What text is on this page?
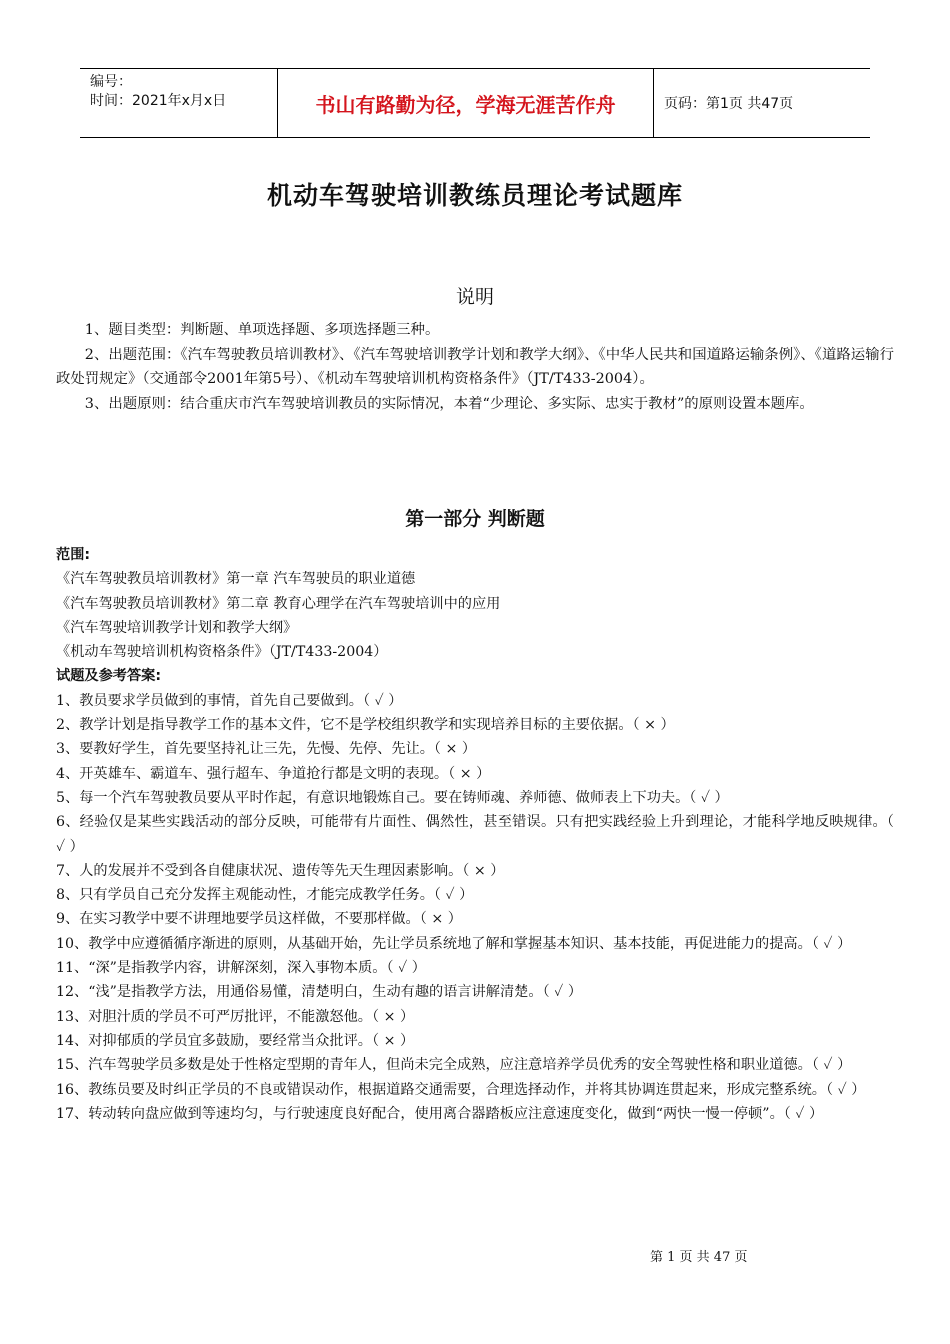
编号：
时间：2021年x月x日	书山有路勤为径，学海无涯苦作舟	页码：第1页 共47页
机动车驾驶培训教练员理论考试题库
说明

1、题目类型：判断题、单项选择题、多项选择题三种。

2、出题范围：《汽车驾驶教员培训教材》、《汽车驾驶培训教学计划和教学大纲》、《中华人民共和国道路运输条例》、《道路运输行政处罚规定》（交通部令2001年第5号）、《机动车驾驶培训机构资格条件》（JT/T433-2004）。

3、出题原则：结合重庆市汽车驾驶培训教员的实际情况，本着“少理论、多实际、忠实于教材”的原则设置本题库。

第一部分 判断题

范围:

《汽车驾驶教员培训教材》第一章 汽车驾驶员的职业道德

《汽车驾驶教员培训教材》第二章 教育心理学在汽车驾驶培训中的应用

《汽车驾驶培训教学计划和教学大纲》

《机动车驾驶培训机构资格条件》（JT/T433-2004）

试题及参考答案:

1、教员要求学员做到的事情，首先自己要做到。（ ✓ ）

2、教学计划是指导教学工作的基本文件，它不是学校组织教学和实现培养目标的主要依据。（ × ）

3、要教好学生，首先要坚持礼让三先，先慢、先停、先让。（ × ）

4、开英雄车、霸道车、强行超车、争道抢行都是文明的表现。（ × ）

5、每一个汽车驾驶教员要从平时作起，有意识地锻炼自己。要在铸师魂、养师德、做师表上下功夫。（ ✓ ）

6、经验仅是某些实践活动的部分反映，可能带有片面性、偶然性，甚至错误。只有把实践经验上升到理论，才能科学地反映规律。（ ✓ ）

7、人的发展并不受到各自健康状况、遗传等先天生理因素影响。（ × ）

8、只有学员自己充分发挥主观能动性，才能完成教学任务。（ ✓ ）

9、在实习教学中要不讲理地要学员这样做，不要那样做。（ × ）

10、教学中应遵循循序渐进的原则，从基础开始，先让学员系统地了解和掌握基本知识、基本技能，再促进能力的提高。（ ✓ ）

11、“深”是指教学内容，讲解深刻，深入事物本质。（ ✓ ）

12、“浅”是指教学方法，用通俗易懂，清楚明白，生动有趣的语言讲解清楚。（ ✓ ）

13、对胆汁质的学员不可严厉批评，不能激怒他。（ × ）

14、对抑郁质的学员宜多鼓励，要经常当众批评。（ × ）

15、汽车驾驶学员多数是处于性格定型期的青年人，但尚未完全成熟，应注意培养学员优秀的安全驾驶性格和职业道德。（ ✓ ）

16、教练员要及时纠正学员的不良或错误动作，根据道路交通需要，合理选择动作，并将其协调连贯起来，形成完整系统。（ ✓ ）

17、转动转向盘应做到等速均匀，与行驶速度良好配合，使用离合器踏板应注意速度变化，做到“两快一慢一停顿”。（ ✓ ）

第 1 页 共 47 页
